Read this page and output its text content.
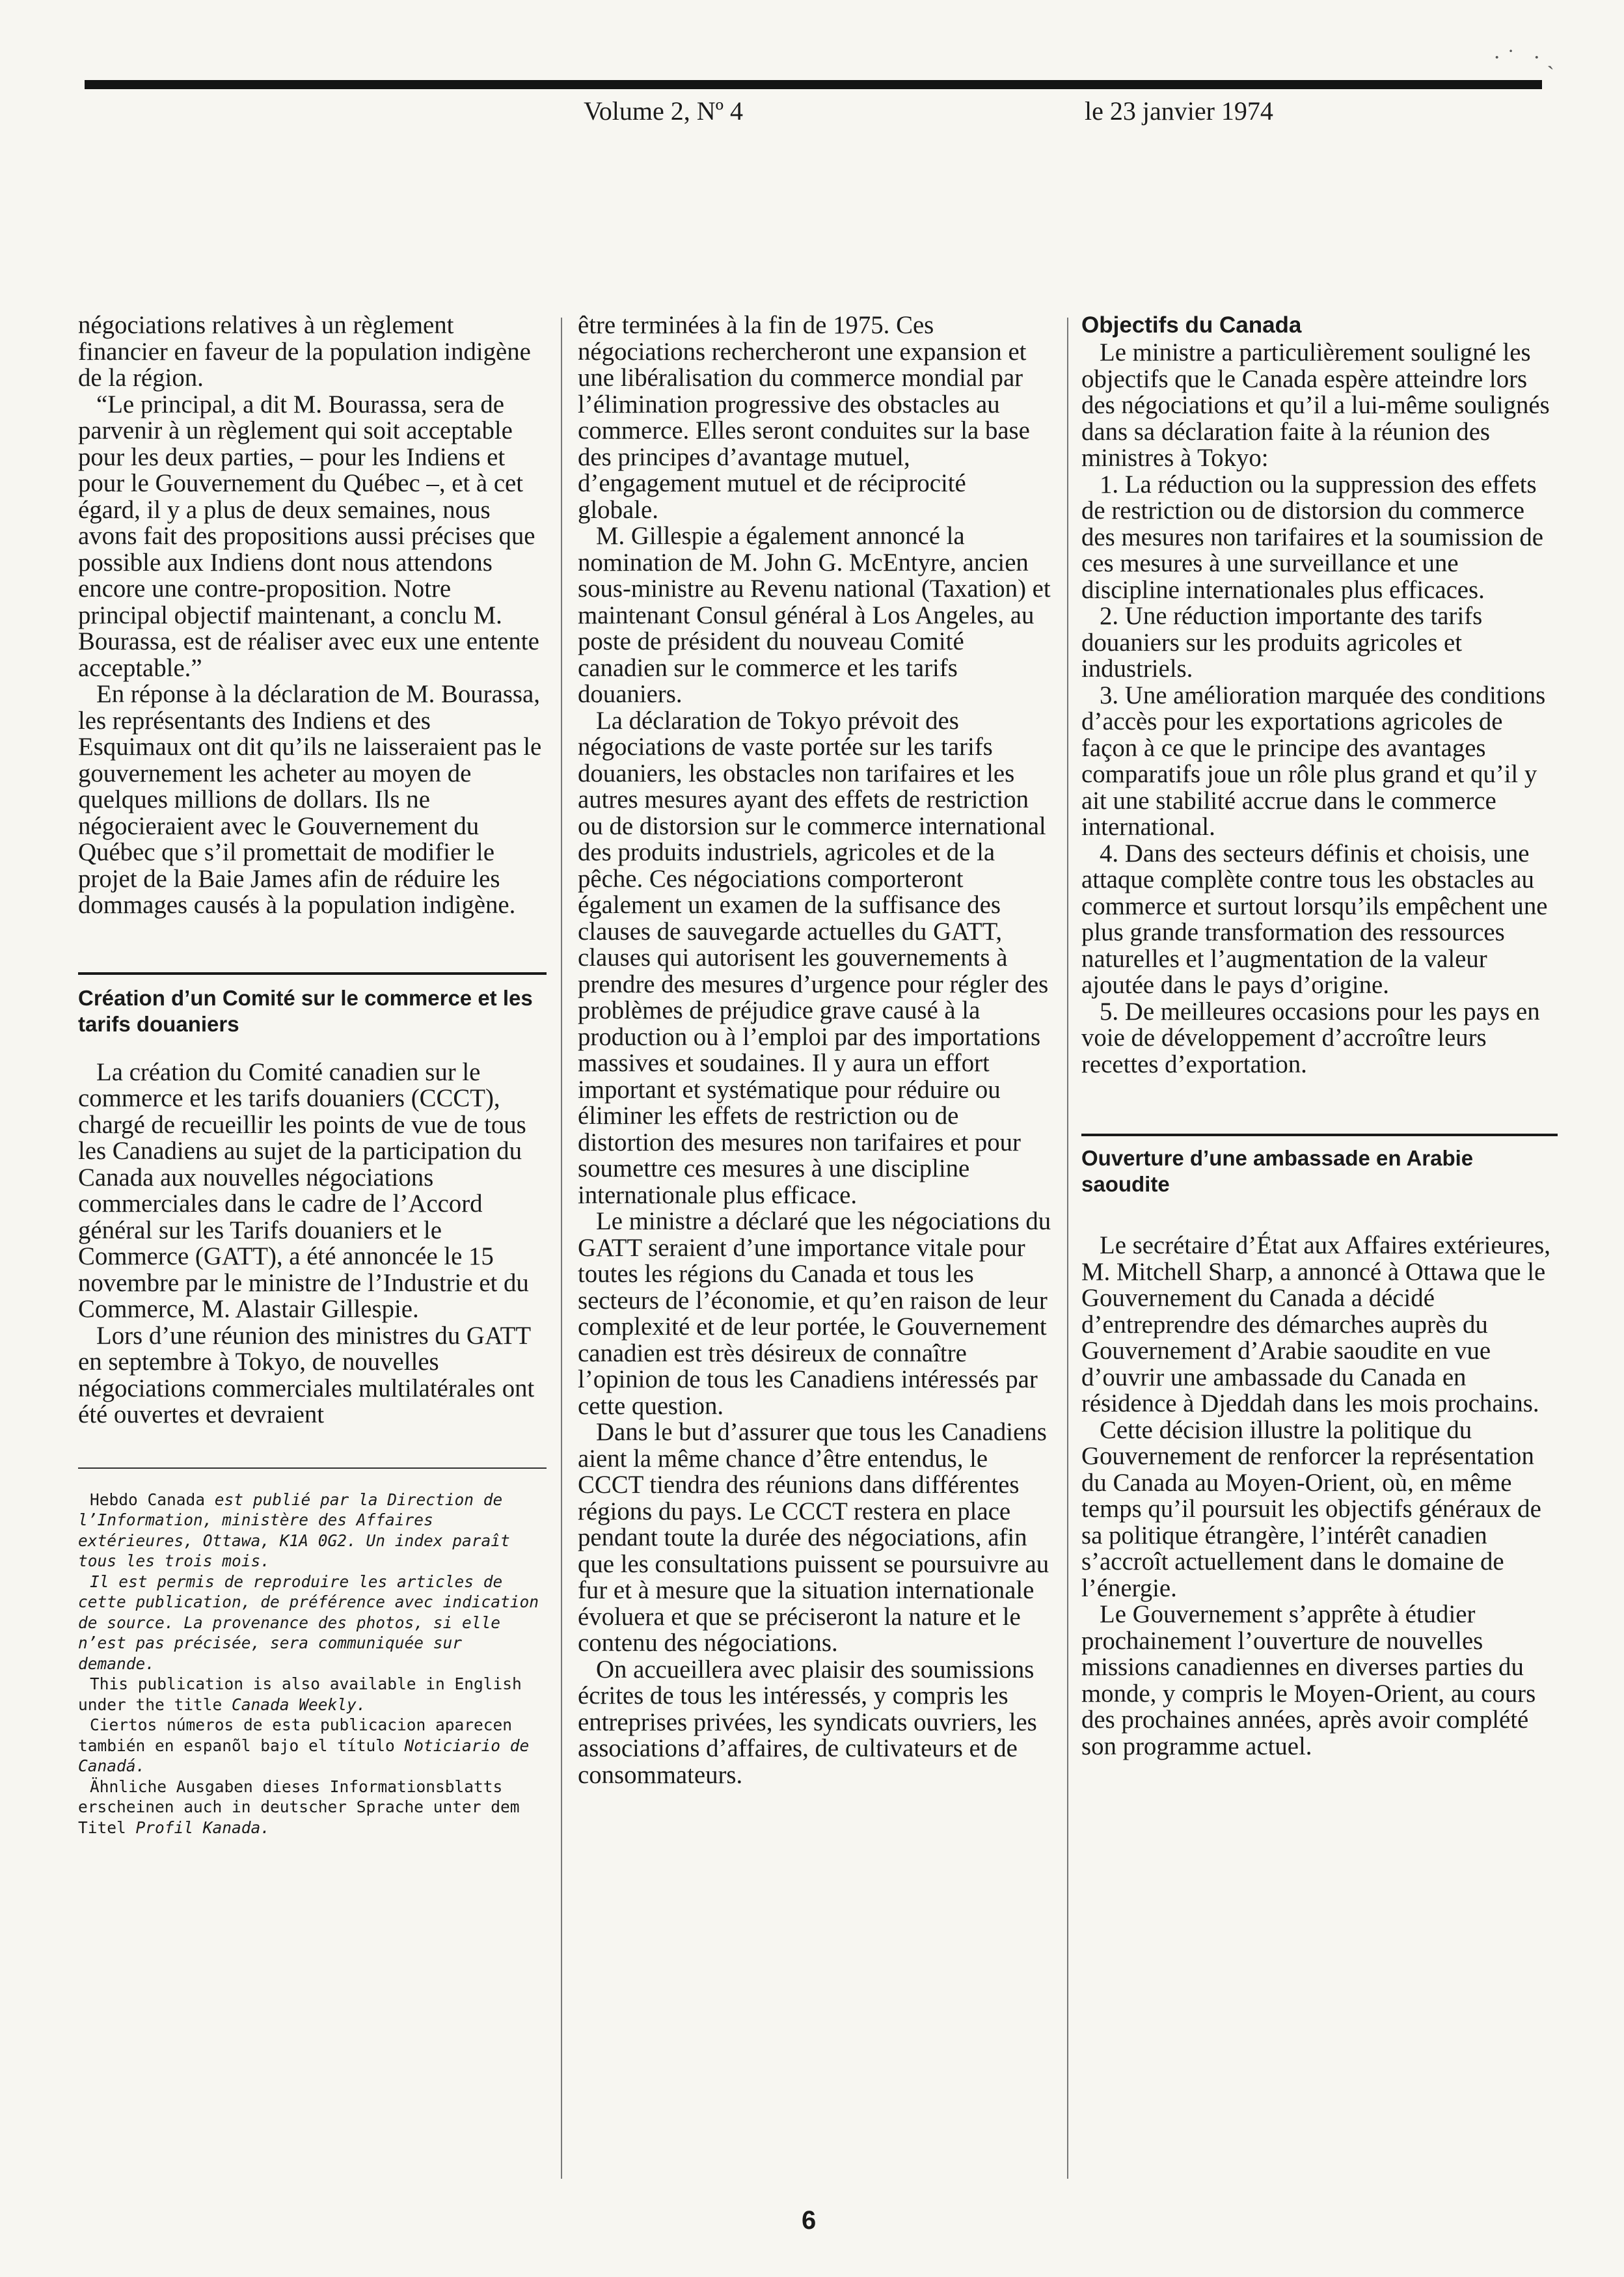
·˙ ·ˏ
Volume 2, Nº 4	le 23 janvier 1974

négociations relatives à un règlement financier en faveur de la population indigène de la région.

“Le principal, a dit M. Bourassa, sera de parvenir à un règlement qui soit acceptable pour les deux parties, – pour les Indiens et pour le Gouvernement du Québec –, et à cet égard, il y a plus de deux semaines, nous avons fait des propositions aussi précises que possible aux Indiens dont nous attendons encore une contre-proposition. Notre principal objectif maintenant, a conclu M. Bourassa, est de réaliser avec eux une entente acceptable.”

En réponse à la déclaration de M. Bourassa, les représentants des Indiens et des Esquimaux ont dit qu’ils ne laisseraient pas le gouvernement les acheter au moyen de quelques millions de dollars. Ils ne négocieraient avec le Gouvernement du Québec que s’il promettait de modifier le projet de la Baie James afin de réduire les dommages causés à la population indigène.

Création d’un Comité sur le commerce et les tarifs douaniers

La création du Comité canadien sur le commerce et les tarifs douaniers (CCCT), chargé de recueillir les points de vue de tous les Canadiens au sujet de la participation du Canada aux nouvelles négociations commerciales dans le cadre de l’Accord général sur les Tarifs douaniers et le Commerce (GATT), a été annoncée le 15 novembre par le ministre de l’Industrie et du Commerce, M. Alastair Gillespie.

Lors d’une réunion des ministres du GATT en septembre à Tokyo, de nouvelles négociations commerciales multilatérales ont été ouvertes et devraient

Hebdo Canada est publié par la Direction de l’Information, ministère des Affaires extérieures, Ottawa, K1A 0G2. Un index paraît tous les trois mois.

Il est permis de reproduire les articles de cette publication, de préférence avec indication de source. La provenance des photos, si elle n’est pas précisée, sera communiquée sur demande.

This publication is also available in English under the title Canada Weekly.

Ciertos números de esta publicacion aparecen también en espanõl bajo el título Noticiario de Canadá.

Ähnliche Ausgaben dieses Informationsblatts erscheinen auch in deutscher Sprache unter dem Titel Profil Kanada.

être terminées à la fin de 1975. Ces négociations rechercheront une expansion et une libéralisation du commerce mondial par l’élimination progressive des obstacles au commerce. Elles seront conduites sur la base des principes d’avantage mutuel, d’engagement mutuel et de réciprocité globale.

M. Gillespie a également annoncé la nomination de M. John G. McEntyre, ancien sous-ministre au Revenu national (Taxation) et maintenant Consul général à Los Angeles, au poste de président du nouveau Comité canadien sur le commerce et les tarifs douaniers.

La déclaration de Tokyo prévoit des négociations de vaste portée sur les tarifs douaniers, les obstacles non tarifaires et les autres mesures ayant des effets de restriction ou de distorsion sur le commerce international des produits industriels, agricoles et de la pêche. Ces négociations comporteront également un examen de la suffisance des clauses de sauvegarde actuelles du GATT, clauses qui autorisent les gouvernements à prendre des mesures d’urgence pour régler des problèmes de préjudice grave causé à la production ou à l’emploi par des importations massives et soudaines. Il y aura un effort important et systématique pour réduire ou éliminer les effets de restriction ou de distortion des mesures non tarifaires et pour soumettre ces mesures à une discipline internationale plus efficace.

Le ministre a déclaré que les négociations du GATT seraient d’une importance vitale pour toutes les régions du Canada et tous les secteurs de l’économie, et qu’en raison de leur complexité et de leur portée, le Gouvernement canadien est très désireux de connaître l’opinion de tous les Canadiens intéressés par cette question.

Dans le but d’assurer que tous les Canadiens aient la même chance d’être entendus, le CCCT tiendra des réunions dans différentes régions du pays. Le CCCT restera en place pendant toute la durée des négociations, afin que les consultations puissent se poursuivre au fur et à mesure que la situation internationale évoluera et que se préciseront la nature et le contenu des négociations.

On accueillera avec plaisir des soumissions écrites de tous les intéressés, y compris les entreprises privées, les syndicats ouvriers, les associations d’affaires, de cultivateurs et de consommateurs.

Objectifs du Canada

Le ministre a particulièrement souligné les objectifs que le Canada espère atteindre lors des négociations et qu’il a lui-même soulignés dans sa déclaration faite à la réunion des ministres à Tokyo:

1. La réduction ou la suppression des effets de restriction ou de distorsion du commerce des mesures non tarifaires et la soumission de ces mesures à une surveillance et une discipline internationales plus efficaces.

2. Une réduction importante des tarifs douaniers sur les produits agricoles et industriels.

3. Une amélioration marquée des conditions d’accès pour les exportations agricoles de façon à ce que le principe des avantages comparatifs joue un rôle plus grand et qu’il y ait une stabilité accrue dans le commerce international.

4. Dans des secteurs définis et choisis, une attaque complète contre tous les obstacles au commerce et surtout lorsqu’ils empêchent une plus grande transformation des ressources naturelles et l’augmentation de la valeur ajoutée dans le pays d’origine.

5. De meilleures occasions pour les pays en voie de développement d’accroître leurs recettes d’exportation.

Ouverture d’une ambassade en Arabie saoudite

Le secrétaire d’État aux Affaires extérieures, M. Mitchell Sharp, a annoncé à Ottawa que le Gouvernement du Canada a décidé d’entreprendre des démarches auprès du Gouvernement d’Arabie saoudite en vue d’ouvrir une ambassade du Canada en résidence à Djeddah dans les mois prochains.

Cette décision illustre la politique du Gouvernement de renforcer la représentation du Canada au Moyen-Orient, où, en même temps qu’il poursuit les objectifs généraux de sa politique étrangère, l’intérêt canadien s’accroît actuellement dans le domaine de l’énergie.

Le Gouvernement s’apprête à étudier prochainement l’ouverture de nouvelles missions canadiennes en diverses parties du monde, y compris le Moyen-Orient, au cours des prochaines années, après avoir complété son programme actuel.

6
